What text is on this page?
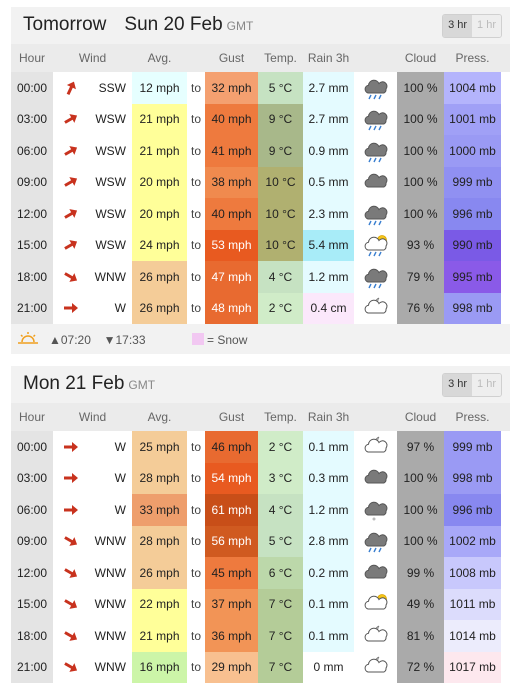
Tomorrow Sun 20 Feb GMT	3 hr 1 hr
Hour	Wind	Avg.	Gust	Temp. Rain 3h	Cloud	Press.
00:00	SSW	12 mph to 32 mph	5 °C	2.7 mm	100 % 1004 mb
03:00	WSW	21 mph to 40 mph	9 °C	2.7 mm	100 % 1001 mb
06:00	WSW	21 mph to 41 mph	9 °C	0.9 mm	100 % 1000 mb
09:00	WSW	20 mph to 38 mph	10 °C	0.5 mm	100 %	999 mb
12:00	WSW	20 mph to 40 mph	10 °C	2.3 mm	100 %	996 mb
15:00	WSW	24 mph to 53 mph	10 °C	5.4 mm	93 %	990 mb
18:00	WNW	26 mph to 47 mph	4 °C	1.2 mm	79 %	995 mb
21:00	W	26 mph to 48 mph	2 °C	0.4 cm	76 %	998 mb
▲07:20 ▼17:33	= Snow
Mon 21 Feb GMT	3 hr 1 hr
Hour	Wind	Avg.	Gust	Temp. Rain 3h	Cloud	Press.
00:00	W	25 mph to 46 mph	2 °C	0.1 mm	97 %	999 mb
03:00	W	28 mph to 54 mph	3 °C	0.3 mm	100 %	998 mb
06:00	W	33 mph to 61 mph	4 °C	1.2 mm	100 %	996 mb
09:00	WNW	28 mph to 56 mph	5 °C	2.8 mm	100 % 1002 mb
12:00	WNW	26 mph to 45 mph	6 °C	0.2 mm	99 %	1008 mb
15:00	WNW	22 mph to 37 mph	7 °C	0.1 mm	49 %	1011 mb
18:00	WNW	21 mph to 36 mph	7 °C	0.1 mm	81 %	1014 mb
21:00	WNW	16 mph to 29 mph	7 °C	0 mm	72 %	1017 mb
